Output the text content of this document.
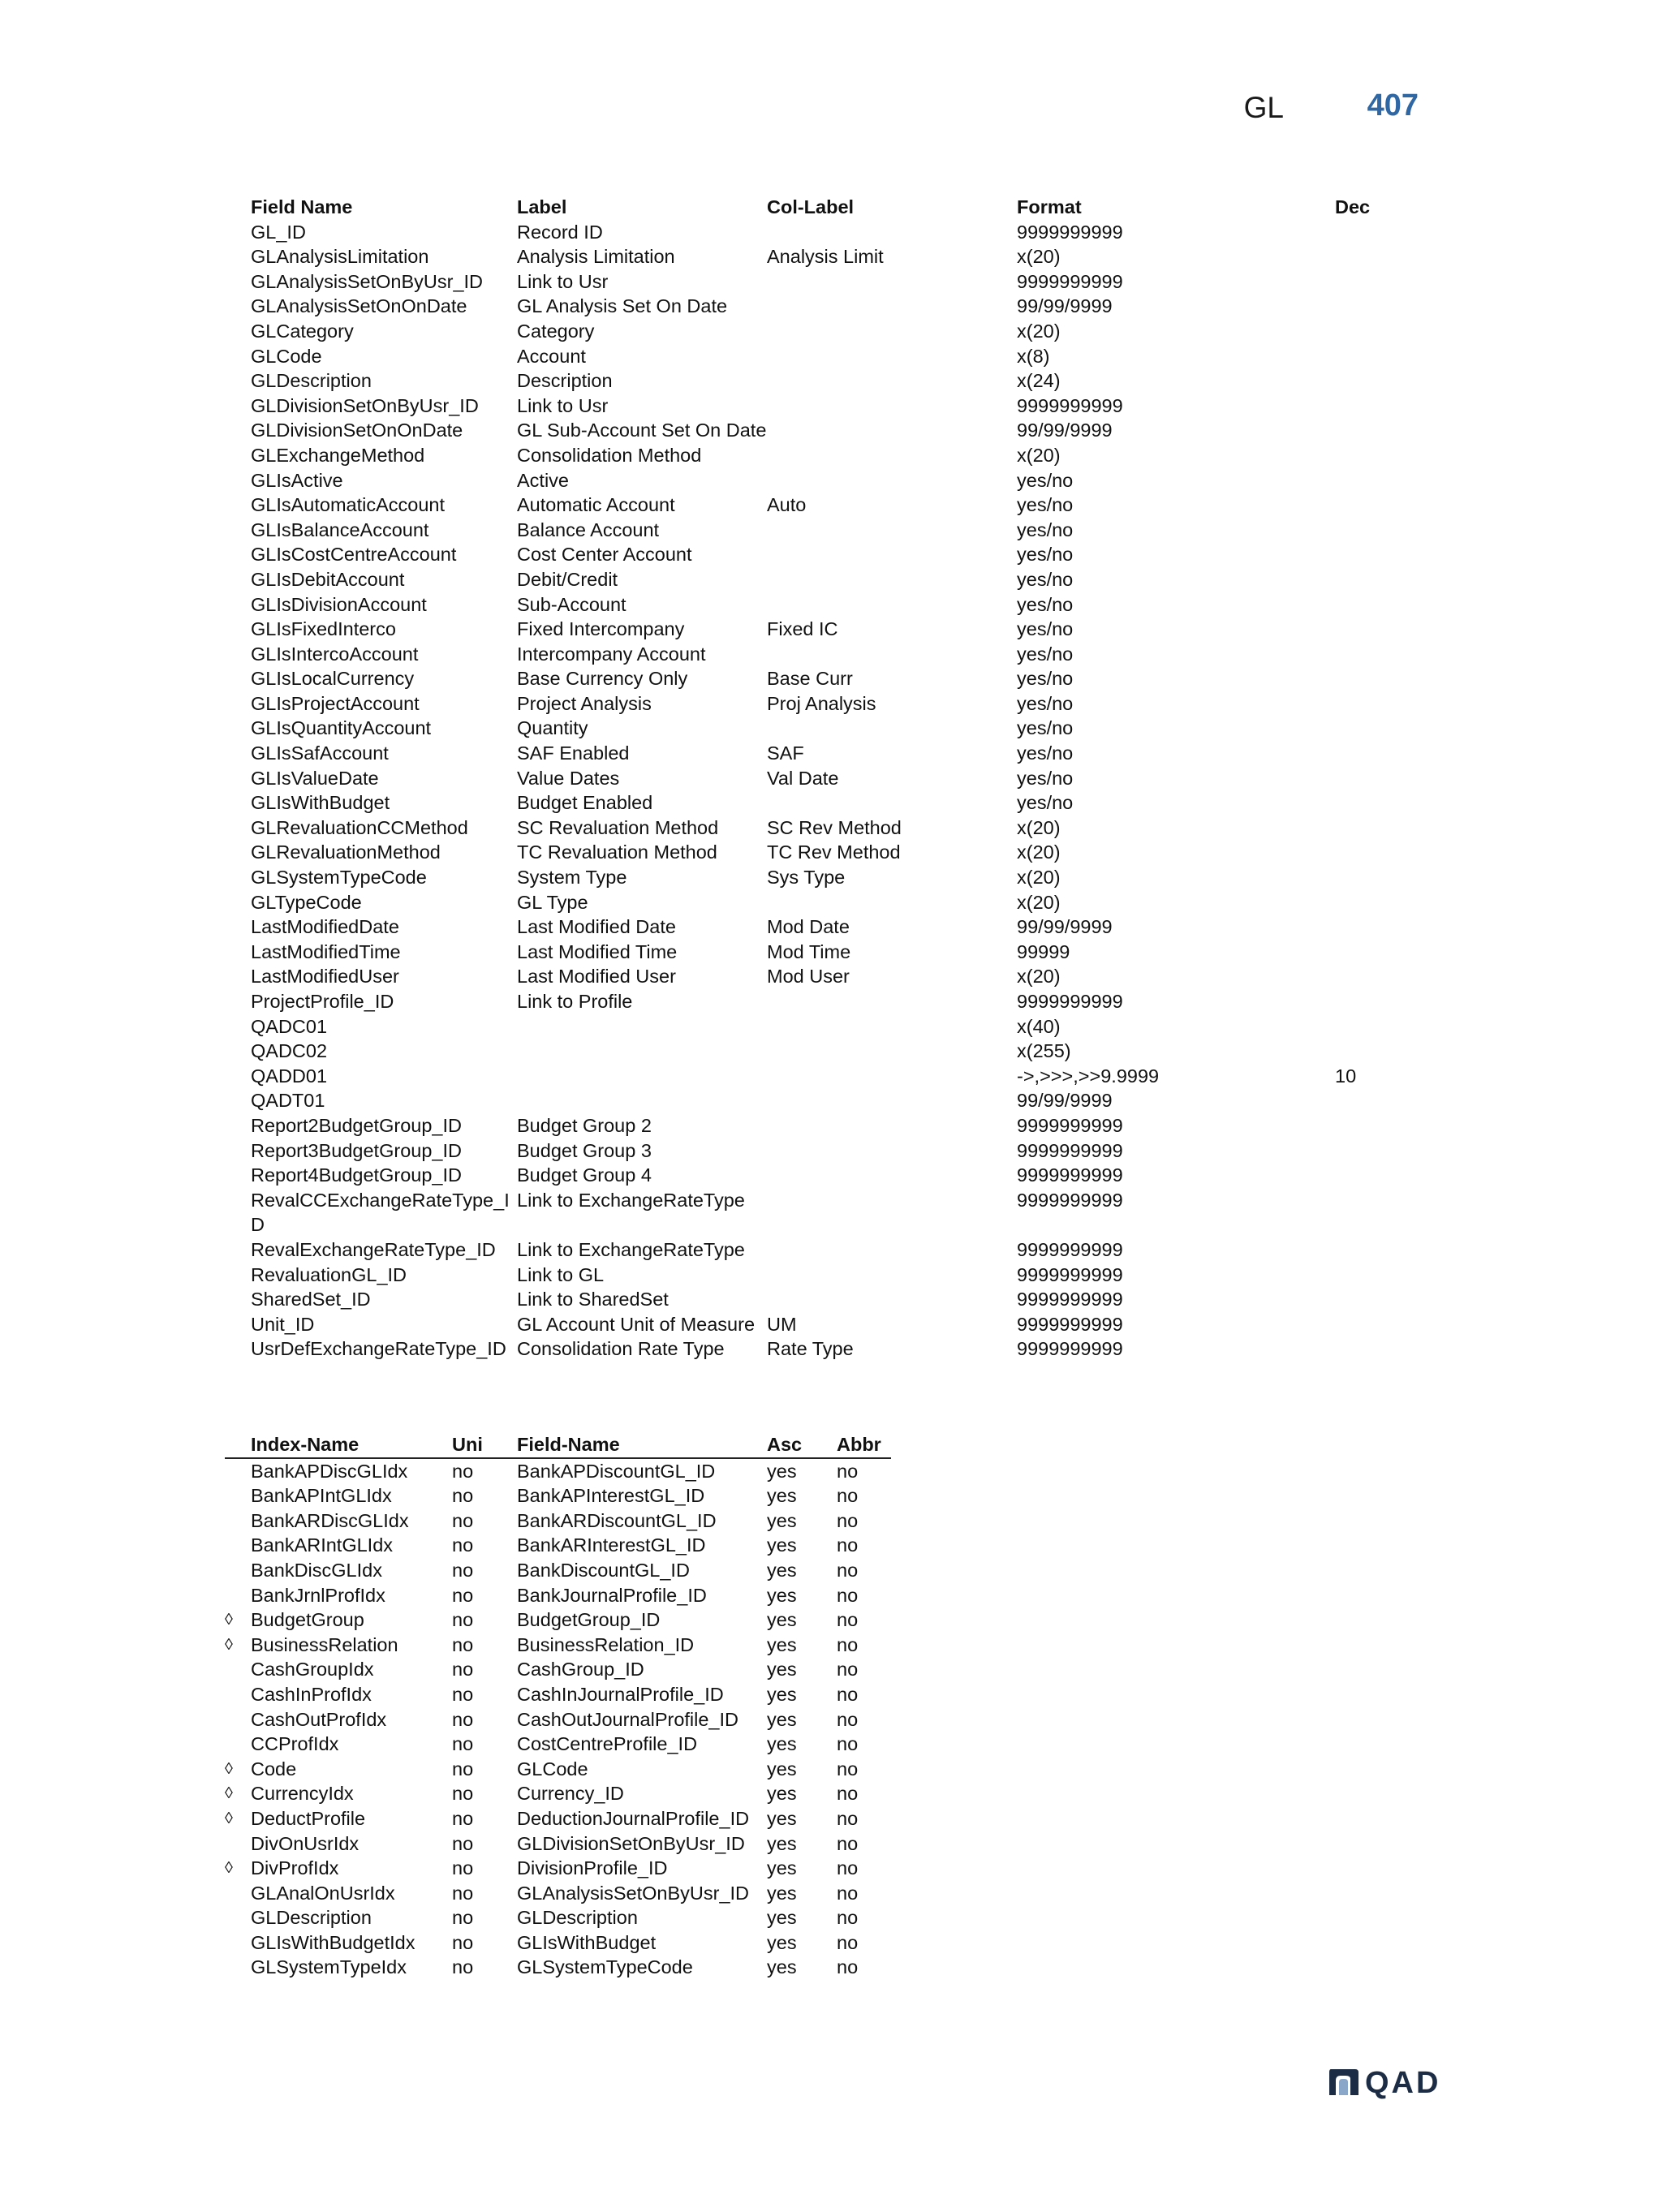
GL	407
Field Name	Label	Col-Label	Format	Dec
GL_ID	Record ID		9999999999	
GLAnalysisLimitation	Analysis Limitation	Analysis Limit	x(20)	
GLAnalysisSetOnByUsr_ID	Link to Usr		9999999999	
GLAnalysisSetOnOnDate	GL Analysis Set On Date		99/99/9999	
GLCategory	Category		x(20)	
GLCode	Account		x(8)	
GLDescription	Description		x(24)	
GLDivisionSetOnByUsr_ID	Link to Usr		9999999999	
GLDivisionSetOnOnDate	GL Sub-Account Set On Date		99/99/9999	
GLExchangeMethod	Consolidation Method		x(20)	
GLIsActive	Active		yes/no	
GLIsAutomaticAccount	Automatic Account	Auto	yes/no	
GLIsBalanceAccount	Balance Account		yes/no	
GLIsCostCentreAccount	Cost Center Account		yes/no	
GLIsDebitAccount	Debit/Credit		yes/no	
GLIsDivisionAccount	Sub-Account		yes/no	
GLIsFixedInterco	Fixed Intercompany	Fixed IC	yes/no	
GLIsIntercoAccount	Intercompany Account		yes/no	
GLIsLocalCurrency	Base Currency Only	Base Curr	yes/no	
GLIsProjectAccount	Project Analysis	Proj Analysis	yes/no	
GLIsQuantityAccount	Quantity		yes/no	
GLIsSafAccount	SAF Enabled	SAF	yes/no	
GLIsValueDate	Value Dates	Val Date	yes/no	
GLIsWithBudget	Budget Enabled		yes/no	
GLRevaluationCCMethod	SC Revaluation Method	SC Rev Method	x(20)	
GLRevaluationMethod	TC Revaluation Method	TC Rev Method	x(20)	
GLSystemTypeCode	System Type	Sys Type	x(20)	
GLTypeCode	GL Type		x(20)	
LastModifiedDate	Last Modified Date	Mod Date	99/99/9999	
LastModifiedTime	Last Modified Time	Mod Time	99999	
LastModifiedUser	Last Modified User	Mod User	x(20)	
ProjectProfile_ID	Link to Profile		9999999999	
QADC01			x(40)	
QADC02			x(255)	
QADD01			->,>>>,>>9.9999	10
QADT01			99/99/9999	
Report2BudgetGroup_ID	Budget Group 2		9999999999	
Report3BudgetGroup_ID	Budget Group 3		9999999999	
Report4BudgetGroup_ID	Budget Group 4		9999999999	
RevalCCExchangeRateType_ID	Link to ExchangeRateType		9999999999	
RevalExchangeRateType_ID	Link to ExchangeRateType		9999999999	
RevaluationGL_ID	Link to GL		9999999999	
SharedSet_ID	Link to SharedSet		9999999999	
Unit_ID	GL Account Unit of Measure	UM	9999999999	
UsrDefExchangeRateType_ID	Consolidation Rate Type	Rate Type	9999999999	
	Index-Name	Uni	Field-Name	Asc	Abbr
	BankAPDiscGLIdx	no	BankAPDiscountGL_ID	yes	no
	BankAPIntGLIdx	no	BankAPInterestGL_ID	yes	no
	BankARDiscGLIdx	no	BankARDiscountGL_ID	yes	no
	BankARIntGLIdx	no	BankARInterestGL_ID	yes	no
	BankDiscGLIdx	no	BankDiscountGL_ID	yes	no
	BankJrnlProfIdx	no	BankJournalProfile_ID	yes	no
◊	BudgetGroup	no	BudgetGroup_ID	yes	no
◊	BusinessRelation	no	BusinessRelation_ID	yes	no
	CashGroupIdx	no	CashGroup_ID	yes	no
	CashInProfIdx	no	CashInJournalProfile_ID	yes	no
	CashOutProfIdx	no	CashOutJournalProfile_ID	yes	no
	CCProfIdx	no	CostCentreProfile_ID	yes	no
◊	Code	no	GLCode	yes	no
◊	CurrencyIdx	no	Currency_ID	yes	no
◊	DeductProfile	no	DeductionJournalProfile_ID	yes	no
	DivOnUsrIdx	no	GLDivisionSetOnByUsr_ID	yes	no
◊	DivProfIdx	no	DivisionProfile_ID	yes	no
	GLAnalOnUsrIdx	no	GLAnalysisSetOnByUsr_ID	yes	no
	GLDescription	no	GLDescription	yes	no
	GLIsWithBudgetIdx	no	GLIsWithBudget	yes	no
	GLSystemTypeIdx	no	GLSystemTypeCode	yes	no
QAD
